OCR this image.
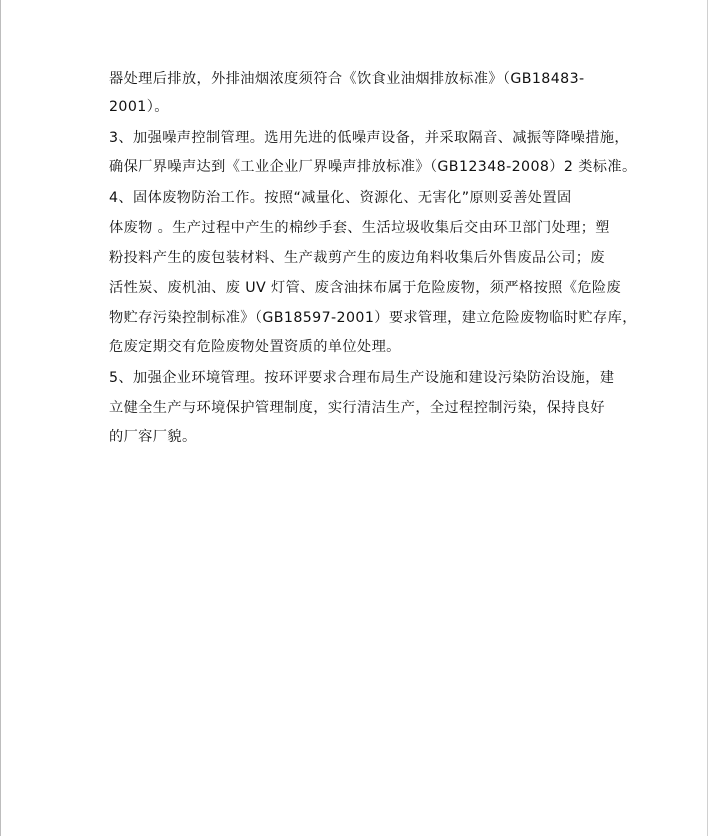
器处理后排放，外排油烟浓度须符合《饮食业油烟排放标准》（GB18483-
2001）。
3、加强噪声控制管理。选用先进的低噪声设备，并采取隔音、减振等降噪措施，
确保厂界噪声达到《工业企业厂界噪声排放标准》（GB12348-2008）2 类标准。
4、固体废物防治工作。按照“减量化、资源化、无害化”原则妥善处置固
体废物 。生产过程中产生的棉纱手套、生活垃圾收集后交由环卫部门处理；塑
粉投料产生的废包装材料、生产裁剪产生的废边角料收集后外售废品公司；废
活性炭、废机油、废 UV 灯管、废含油抹布属于危险废物，须严格按照《危险废
物贮存污染控制标准》（GB18597-2001）要求管理，建立危险废物临时贮存库，
危废定期交有危险废物处置资质的单位处理。
5、加强企业环境管理。按环评要求合理布局生产设施和建设污染防治设施，建
立健全生产与环境保护管理制度，实行清洁生产，全过程控制污染，保持良好
的厂容厂貌。
